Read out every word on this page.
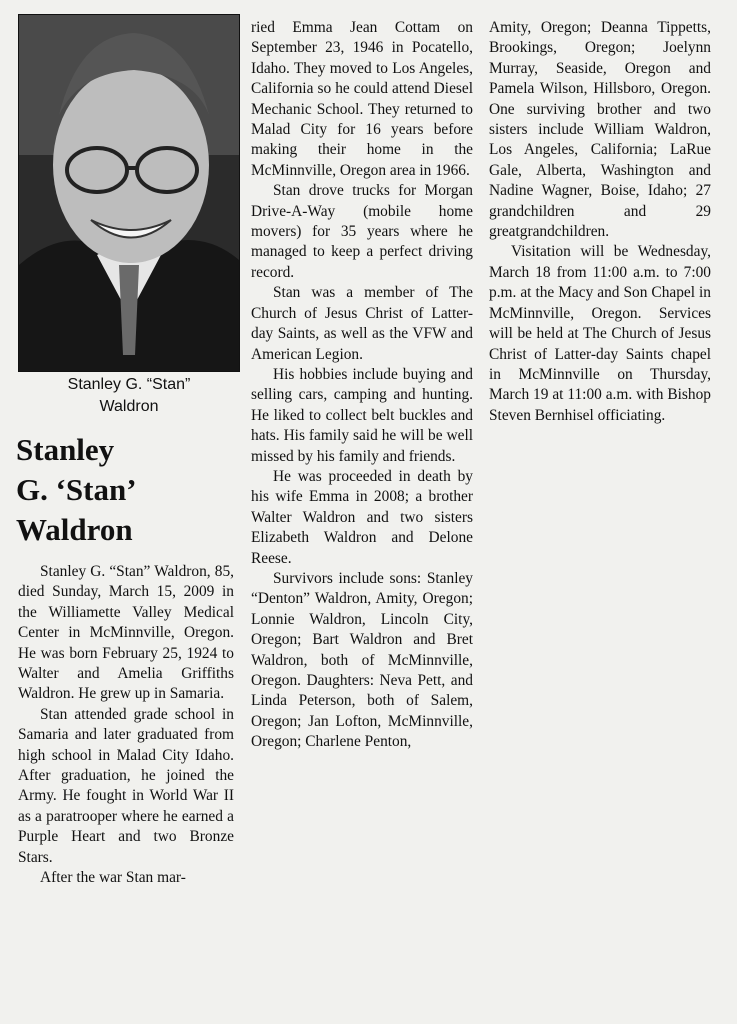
Stanley G. “Stan”
Waldron
Stanley
G. ‘Stan’
Waldron

Stanley G. “Stan” Waldron, 85, died Sunday, March 15, 2009 in the Williamette Valley Medical Center in McMinnville, Oregon. He was born February 25, 1924 to Walter and Amelia Griffiths Waldron. He grew up in Samaria.

Stan attended grade school in Samaria and later graduated from high school in Malad City Idaho. After graduation, he joined the Army. He fought in World War II as a paratrooper where he earned a Purple Heart and two Bronze Stars.

After the war Stan mar-

ried Emma Jean Cottam on September 23, 1946 in Pocatello, Idaho. They moved to Los Angeles, California so he could attend Diesel Mechanic School. They returned to Malad City for 16 years before making their home in the McMinnville, Oregon area in 1966.

Stan drove trucks for Morgan Drive-A-Way (mobile home movers) for 35 years where he managed to keep a perfect driving record.

Stan was a member of The Church of Jesus Christ of Latter-day Saints, as well as the VFW and American Legion.

His hobbies include buying and selling cars, camping and hunting. He liked to collect belt buckles and hats. His family said he will be well missed by his family and friends.

He was proceeded in death by his wife Emma in 2008; a brother Walter Waldron and two sisters Elizabeth Waldron and Delone Reese.

Survivors include sons: Stanley “Denton” Waldron, Amity, Oregon; Lonnie Waldron, Lincoln City, Oregon; Bart Waldron and Bret Waldron, both of McMinnville, Oregon. Daughters: Neva Pett, and Linda Peterson, both of Salem, Oregon; Jan Lofton, McMinnville, Oregon; Charlene Penton,

Amity, Oregon; Deanna Tippetts, Brookings, Oregon; Joelynn Murray, Seaside, Oregon and Pamela Wilson, Hillsboro, Oregon. One surviving brother and two sisters include William Waldron, Los Angeles, California; LaRue Gale, Alberta, Washington and Nadine Wagner, Boise, Idaho; 27 grandchildren and 29 greatgrandchildren.

Visitation will be Wednesday, March 18 from 11:00 a.m. to 7:00 p.m. at the Macy and Son Chapel in McMinnville, Oregon. Services will be held at The Church of Jesus Christ of Latter-day Saints chapel in McMinnville on Thursday, March 19 at 11:00 a.m. with Bishop Steven Bernhisel officiating.
